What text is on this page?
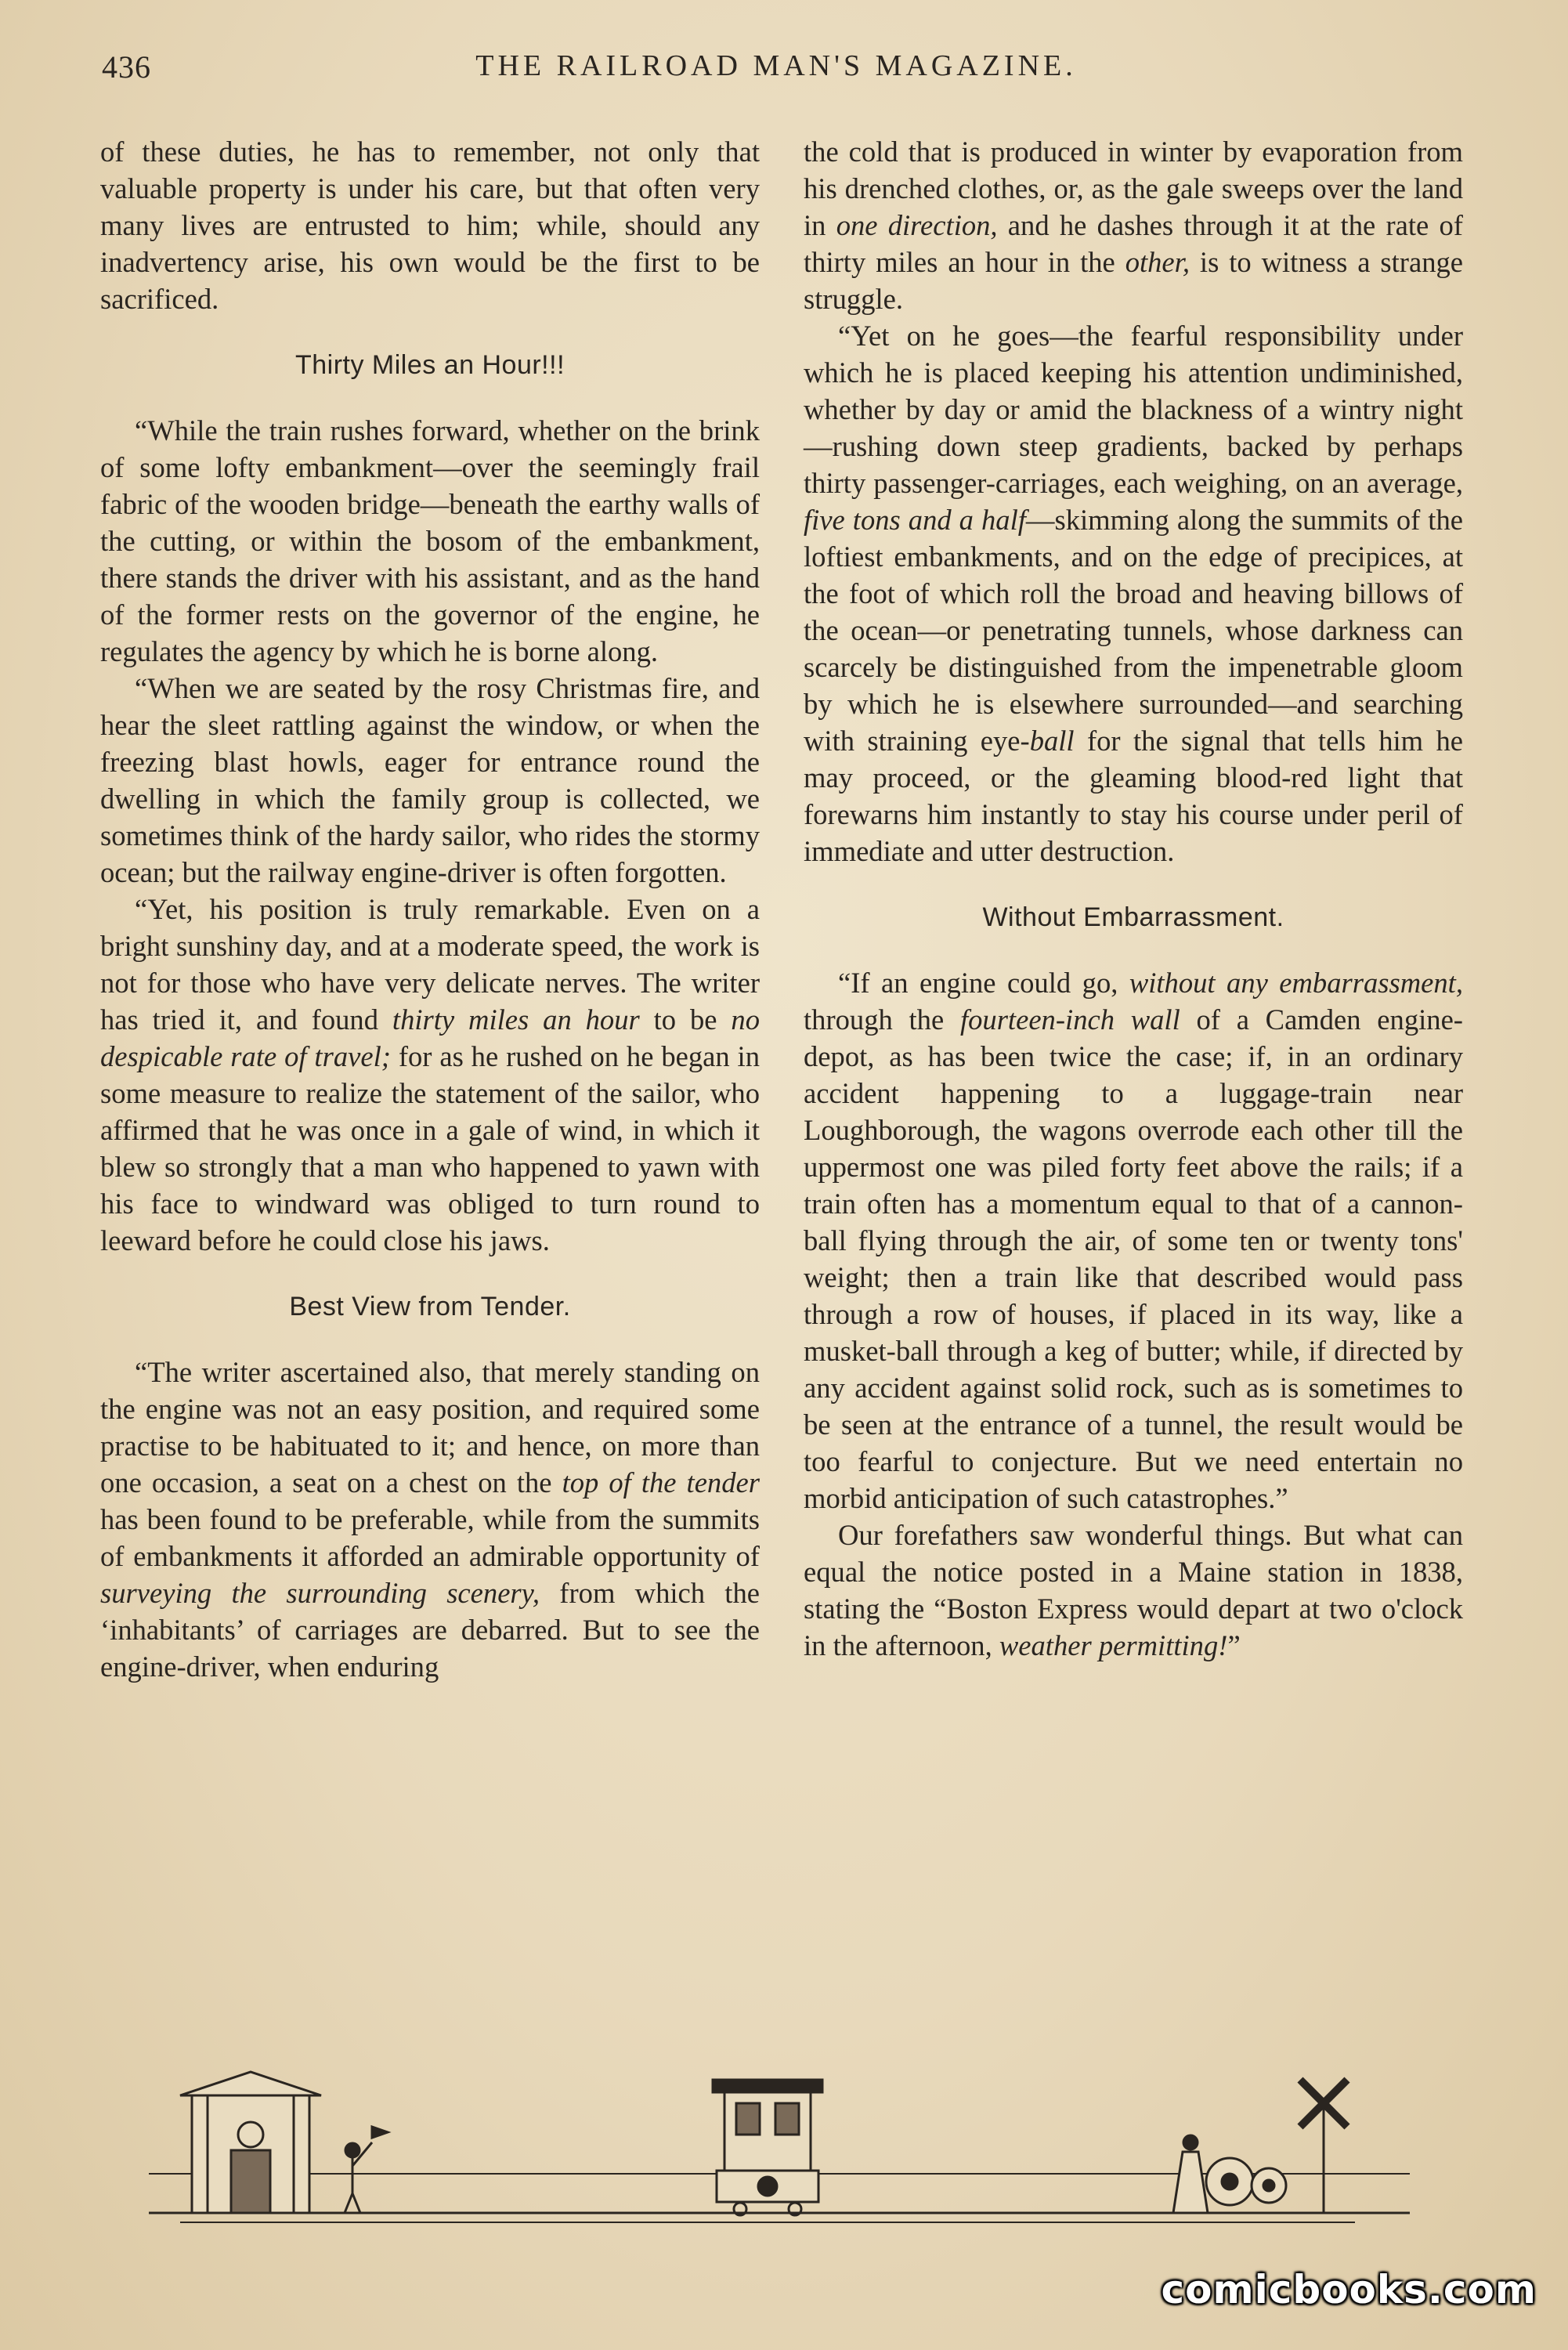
436	THE RAILROAD MAN'S MAGAZINE.

of these duties, he has to remember, not only that valuable property is under his care, but that often very many lives are entrusted to him; while, should any inadvertency arise, his own would be the first to be sacrificed.

Thirty Miles an Hour!!!

“While the train rushes forward, whether on the brink of some lofty embankment—over the seemingly frail fabric of the wooden bridge—beneath the earthy walls of the cutting, or within the bosom of the embankment, there stands the driver with his assistant, and as the hand of the former rests on the governor of the engine, he regulates the agency by which he is borne along.

“When we are seated by the rosy Christmas fire, and hear the sleet rattling against the window, or when the freezing blast howls, eager for entrance round the dwelling in which the family group is collected, we sometimes think of the hardy sailor, who rides the stormy ocean; but the railway engine-driver is often forgotten.

“Yet, his position is truly remarkable. Even on a bright sunshiny day, and at a moderate speed, the work is not for those who have very delicate nerves. The writer has tried it, and found thirty miles an hour to be no despicable rate of travel; for as he rushed on he began in some measure to realize the statement of the sailor, who affirmed that he was once in a gale of wind, in which it blew so strongly that a man who happened to yawn with his face to windward was obliged to turn round to leeward before he could close his jaws.

Best View from Tender.

“The writer ascertained also, that merely standing on the engine was not an easy position, and required some practise to be habituated to it; and hence, on more than one occasion, a seat on a chest on the top of the tender has been found to be preferable, while from the summits of embankments it afforded an admirable opportunity of surveying the surrounding scenery, from which the ‘inhabitants’ of carriages are debarred. But to see the engine-driver, when enduring

the cold that is produced in winter by evaporation from his drenched clothes, or, as the gale sweeps over the land in one direction, and he dashes through it at the rate of thirty miles an hour in the other, is to witness a strange struggle.

“Yet on he goes—the fearful responsibility under which he is placed keeping his attention undiminished, whether by day or amid the blackness of a wintry night—rushing down steep gradients, backed by perhaps thirty passenger-carriages, each weighing, on an average, five tons and a half—skimming along the summits of the loftiest embankments, and on the edge of precipices, at the foot of which roll the broad and heaving billows of the ocean—or penetrating tunnels, whose darkness can scarcely be distinguished from the impenetrable gloom by which he is elsewhere surrounded—and searching with straining eye-ball for the signal that tells him he may proceed, or the gleaming blood-red light that forewarns him instantly to stay his course under peril of immediate and utter destruction.

Without Embarrassment.

“If an engine could go, without any embarrassment, through the fourteen-inch wall of a Camden engine-depot, as has been twice the case; if, in an ordinary accident happening to a luggage-train near Loughborough, the wagons overrode each other till the uppermost one was piled forty feet above the rails; if a train often has a momentum equal to that of a cannon-ball flying through the air, of some ten or twenty tons' weight; then a train like that described would pass through a row of houses, if placed in its way, like a musket-ball through a keg of butter; while, if directed by any accident against solid rock, such as is sometimes to be seen at the entrance of a tunnel, the result would be too fearful to conjecture. But we need entertain no morbid anticipation of such catastrophes.”

Our forefathers saw wonderful things. But what can equal the notice posted in a Maine station in 1838, stating the “Boston Express would depart at two o'clock in the afternoon, weather permitting!”

comicbooks.com
